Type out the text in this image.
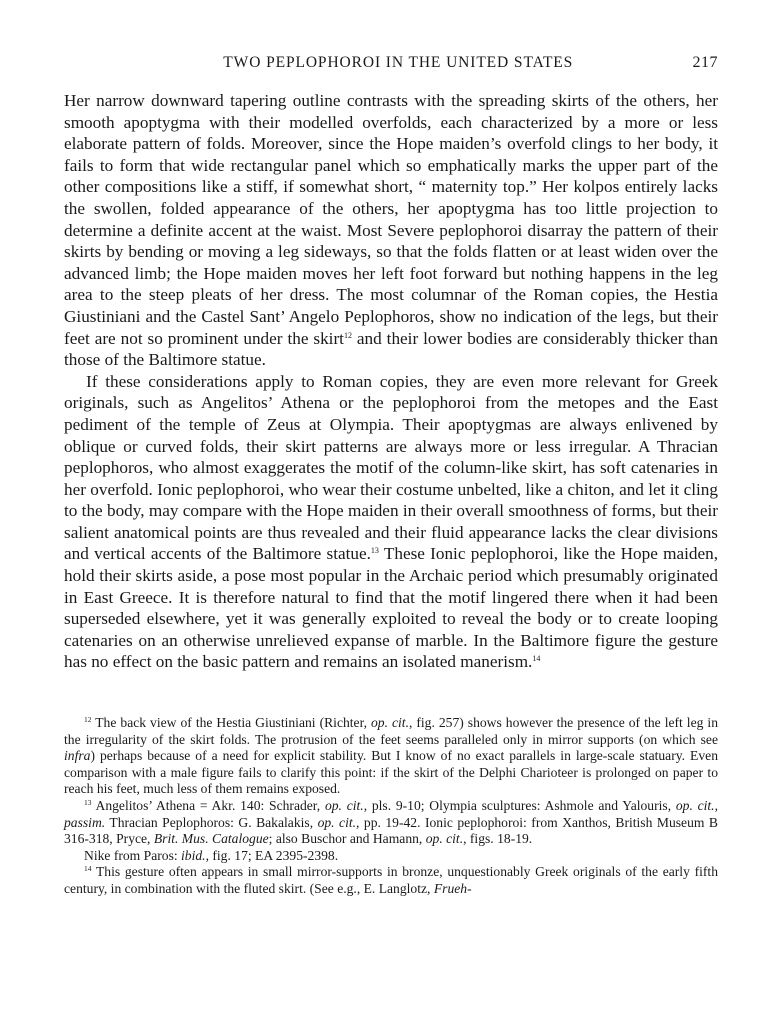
TWO PEPLOPHOROI IN THE UNITED STATES	217

Her narrow downward tapering outline contrasts with the spreading skirts of the others, her smooth apoptygma with their modelled overfolds, each characterized by a more or less elaborate pattern of folds. Moreover, since the Hope maiden’s overfold clings to her body, it fails to form that wide rectangular panel which so emphatically marks the upper part of the other compositions like a stiff, if somewhat short, “ maternity top.” Her kolpos entirely lacks the swollen, folded appearance of the others, her apoptygma has too little projection to determine a definite accent at the waist. Most Severe peplophoroi disarray the pattern of their skirts by bending or moving a leg sideways, so that the folds flatten or at least widen over the advanced limb; the Hope maiden moves her left foot forward but nothing happens in the leg area to the steep pleats of her dress. The most columnar of the Roman copies, the Hestia Giustiniani and the Castel Sant’ Angelo Peplophoros, show no indication of the legs, but their feet are not so prominent under the skirt$^{12}$ and their lower bodies are considerably thicker than those of the Baltimore statue.

If these considerations apply to Roman copies, they are even more relevant for Greek originals, such as Angelitos’ Athena or the peplophoroi from the metopes and the East pediment of the temple of Zeus at Olympia. Their apoptygmas are always enlivened by oblique or curved folds, their skirt patterns are always more or less irregular. A Thracian peplophoros, who almost exaggerates the motif of the column-like skirt, has soft catenaries in her overfold. Ionic peplophoroi, who wear their costume unbelted, like a chiton, and let it cling to the body, may compare with the Hope maiden in their overall smoothness of forms, but their salient anatomical points are thus revealed and their fluid appearance lacks the clear divisions and vertical accents of the Baltimore statue.$^{13}$ These Ionic peplophoroi, like the Hope maiden, hold their skirts aside, a pose most popular in the Archaic period which presumably originated in East Greece. It is therefore natural to find that the motif lingered there when it had been superseded elsewhere, yet it was generally exploited to reveal the body or to create looping catenaries on an otherwise unrelieved expanse of marble. In the Baltimore figure the gesture has no effect on the basic pattern and remains an isolated manerism.$^{14}$

$^{12}$ The back view of the Hestia Giustiniani (Richter, op. cit., fig. 257) shows however the presence of the left leg in the irregularity of the skirt folds. The protrusion of the feet seems paralleled only in mirror supports (on which see infra) perhaps because of a need for explicit stability. But I know of no exact parallels in large-scale statuary. Even comparison with a male figure fails to clarify this point: if the skirt of the Delphi Charioteer is prolonged on paper to reach his feet, much less of them remains exposed.

$^{13}$ Angelitos’ Athena = Akr. 140: Schrader, op. cit., pls. 9-10; Olympia sculptures: Ashmole and Yalouris, op. cit., passim. Thracian Peplophoros: G. Bakalakis, op. cit., pp. 19-42. Ionic peplophoroi: from Xanthos, British Museum B 316-318, Pryce, Brit. Mus. Catalogue; also Buschor and Hamann, op. cit., figs. 18-19.

Nike from Paros: ibid., fig. 17; EA 2395-2398.

$^{14}$ This gesture often appears in small mirror-supports in bronze, unquestionably Greek originals of the early fifth century, in combination with the fluted skirt. (See e.g., E. Langlotz, Frueh-
